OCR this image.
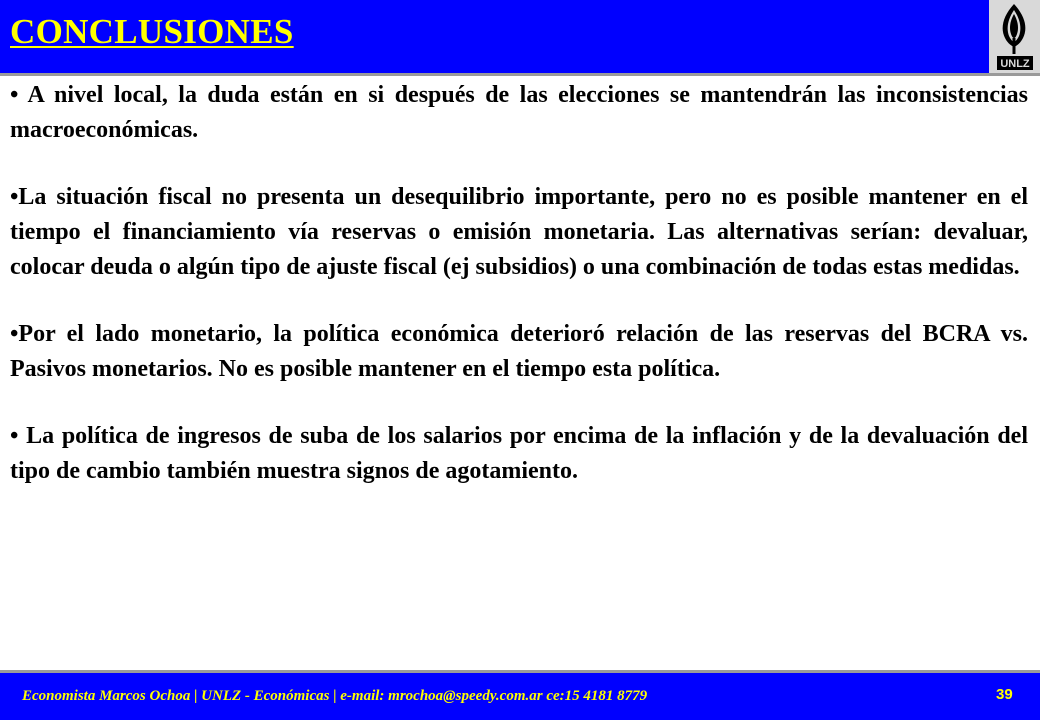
CONCLUSIONES
UNLZ

• A nivel local, la duda están en si después de las elecciones se mantendrán las inconsistencias macroeconómicas.

•La situación fiscal no presenta un desequilibrio importante, pero no es posible mantener en el tiempo el financiamiento vía reservas o emisión monetaria. Las alternativas serían: devaluar, colocar deuda o algún tipo de ajuste fiscal (ej subsidios) o una combinación de todas estas medidas.

•Por el lado monetario, la política económica deterioró relación de las reservas del BCRA vs. Pasivos monetarios. No es posible mantener en el tiempo esta política.

• La política de ingresos de suba de los salarios por encima de la inflación y de la devaluación del tipo de cambio también muestra signos de agotamiento.

Economista Marcos Ochoa | UNLZ - Económicas | e-mail: mrochoa@speedy.com.ar ce:15 4181 8779	39
